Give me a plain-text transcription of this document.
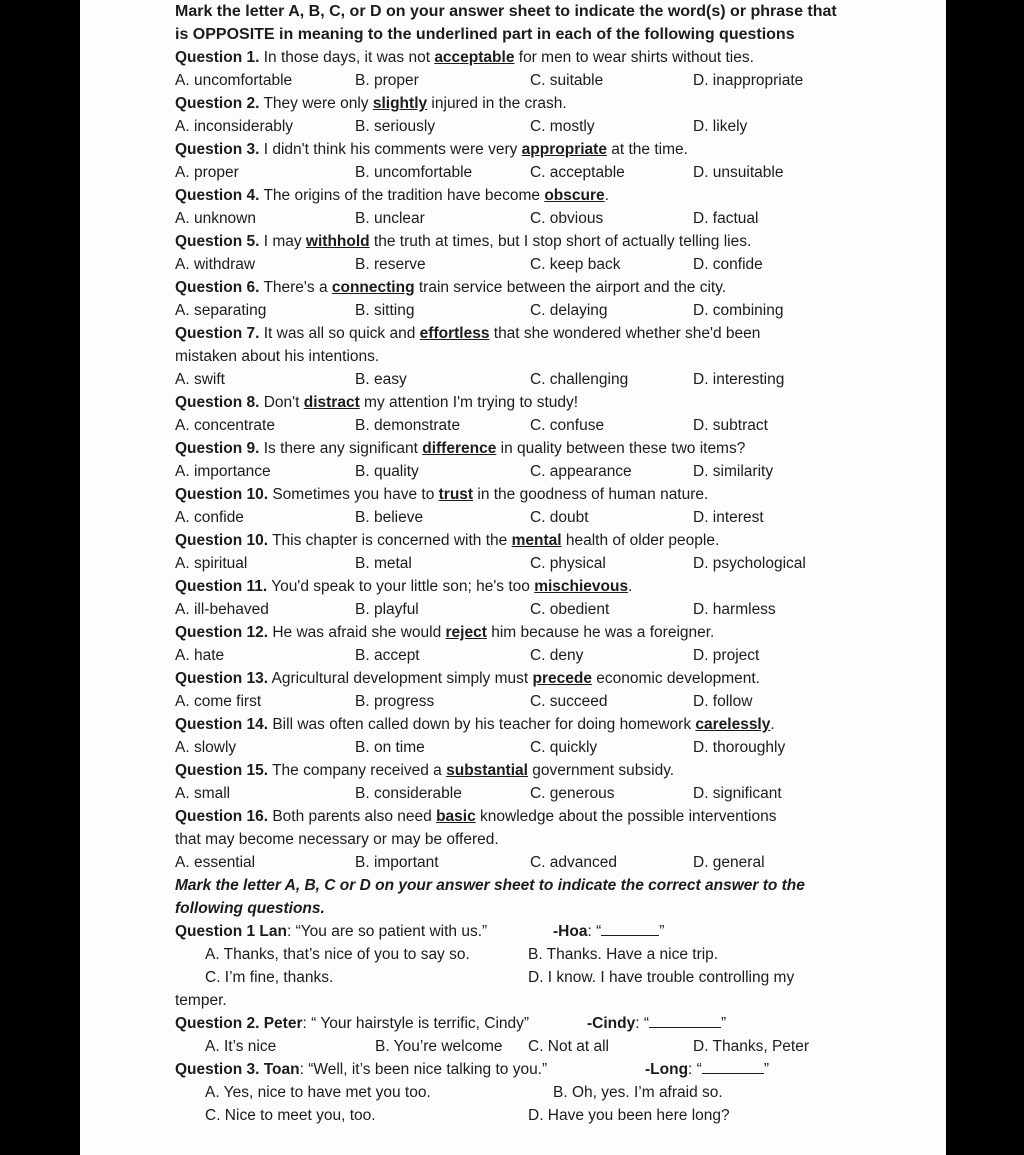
Mark the letter A, B, C, or D on your answer sheet to indicate the word(s) or phrase that is OPPOSITE in meaning to the underlined part in each of the following questions
Question 1. In those days, it was not acceptable for men to wear shirts without ties.
A. uncomfortable	B. proper	C. suitable	D. inappropriate
Question 2. They were only slightly injured in the crash.
A. inconsiderably	B. seriously	C. mostly	D. likely
Question 3. I didn't think his comments were very appropriate at the time.
A. proper	B. uncomfortable	C. acceptable	D. unsuitable
Question 4. The origins of the tradition have become obscure.
A. unknown	B. unclear	C. obvious	D. factual
Question 5. I may withhold the truth at times, but I stop short of actually telling lies.
A. withdraw	B. reserve	C. keep back	D. confide
Question 6. There's a connecting train service between the airport and the city.
A. separating	B. sitting	C. delaying	D. combining
Question 7. It was all so quick and effortless that she wondered whether she'd been
mistaken about his intentions.
A. swift	B. easy	C. challenging	D. interesting
Question 8. Don't distract my attention I'm trying to study!
A. concentrate	B. demonstrate	C. confuse	D. subtract
Question 9. Is there any significant difference in quality between these two items?
A. importance	B. quality	C. appearance	D. similarity
Question 10. Sometimes you have to trust in the goodness of human nature.
A. confide	B. believe	C. doubt	D. interest
Question 10. This chapter is concerned with the mental health of older people.
A. spiritual	B. metal	C. physical	D. psychological
Question 11. You'd speak to your little son; he's too mischievous.
A. ill-behaved	B. playful	C. obedient	D. harmless
Question 12. He was afraid she would reject him because he was a foreigner.
A. hate	B. accept	C. deny	D. project
Question 13. Agricultural development simply must precede economic development.
A. come first	B. progress	C. succeed	D. follow
Question 14. Bill was often called down by his teacher for doing homework carelessly.
A. slowly	B. on time	C. quickly	D. thoroughly
Question 15. The company received a substantial government subsidy.
A. small	B. considerable	C. generous	D. significant
Question 16. Both parents also need basic knowledge about the possible interventions
that may become necessary or may be offered.
A. essential	B. important	C. advanced	D. general
Mark the letter A, B, C or D on your answer sheet to indicate the correct answer to the following questions.
Question 1 Lan: “You are so patient with us.”	-Hoa: “	”
A. Thanks, that’s nice of you to say so.	B. Thanks. Have a nice trip.
C. I’m fine, thanks.	D. I know. I have trouble controlling my
temper.
Question 2. Peter: “ Your hairstyle is terrific, Cindy”	-Cindy: “	”
A. It’s nice	B. You’re welcome C. Not at all	D. Thanks, Peter
Question 3. Toan: “Well, it’s been nice talking to you.”	-Long: “	”
A. Yes, nice to have met you too.	B. Oh, yes. I’m afraid so.
C. Nice to meet you, too.	D. Have you been here long?
